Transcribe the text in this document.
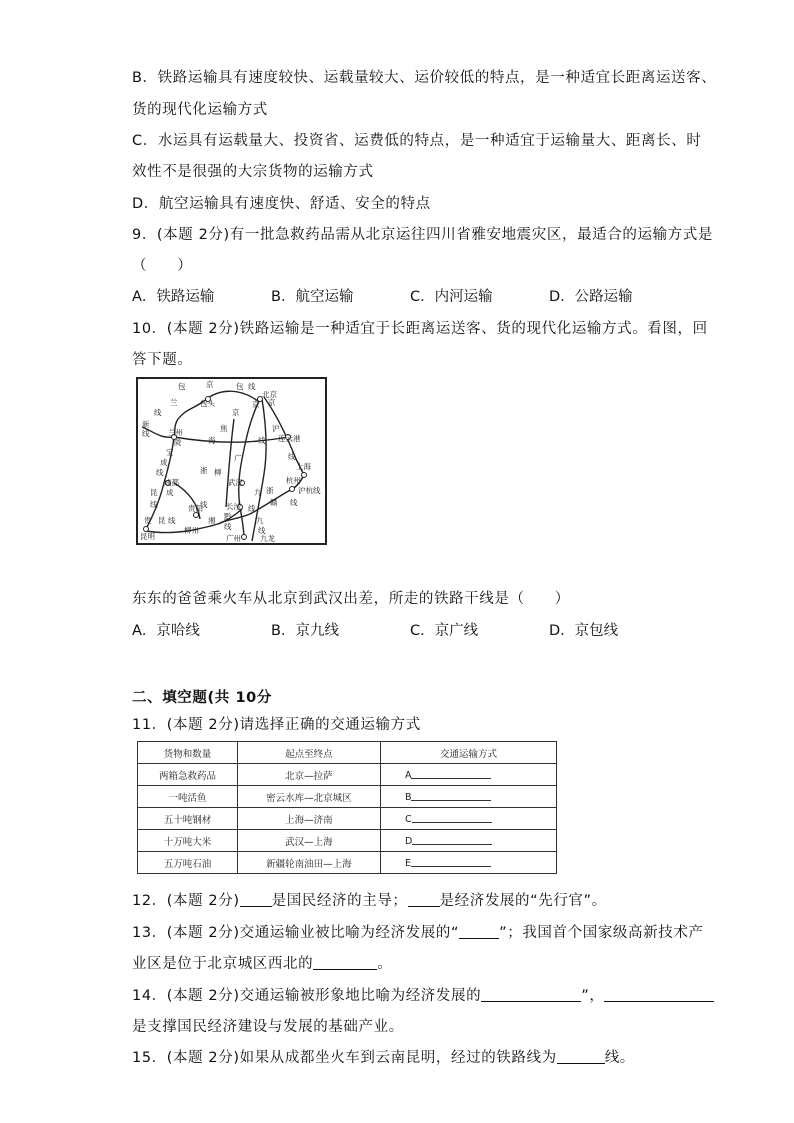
B．铁路运输具有速度较快、运载量较大、运价较低的特点，是一种适宜长距离运送客、
货的现代化运输方式
C．水运具有运载量大、投资省、运费低的特点，是一种适宜于运输量大、距离长、时
效性不是很强的大宗货物的运输方式
D．航空运输具有速度快、舒适、安全的特点
9．(本题 2分)有一批急救药品需从北京运往四川省雅安地震灾区，最适合的运输方式是
（　　）
A．铁路运输	B．航空运输	C．内河运输	D．公路运输
10．(本题 2分)铁路运输是一种适宜于长距离运送客、货的现代化运输方式。看图，回
答下题。
包	京	包 线
北京
包头
兰	京 京
京
线
新
线 兰州	焦	沪
陇	海	线 连云港
宝	线
上海
成	广
浙 柳
线
成都	武汉	杭州
沪杭线
九
昆 成	浙
赣
贵阳
线
线	线 长沙
湘 黔
线
贵 昆 线
昆明
柳州	线
九
广州
线
九龙
东东的爸爸乘火车从北京到武汉出差，所走的铁路干线是（　　）
A．京哈线	B．京九线	C．京广线	D．京包线
二、填空题(共 10分
11．(本题 2分)请选择正确的交通运输方式
货物和数量	起点至终点	交通运输方式
两箱急救药品	北京—拉萨	A
一吨活鱼	密云水库—北京城区	B
五十吨钢材	上海—济南	C
十万吨大米	武汉—上海	D
五万吨石油	新疆轮南油田—上海	E
12．(本题 2分) 是国民经济的主导； 是经济发展的“先行官”。
13．(本题 2分)交通运输业被比喻为经济发展的“	”；我国首个国家级高新技术产
业区是位于北京城区西北的	。
14．(本题 2分)交通运输被形象地比喻为经济发展的	”，
是支撑国民经济建设与发展的基础产业。
15．(本题 2分)如果从成都坐火车到云南昆明，经过的铁路线为	线。
